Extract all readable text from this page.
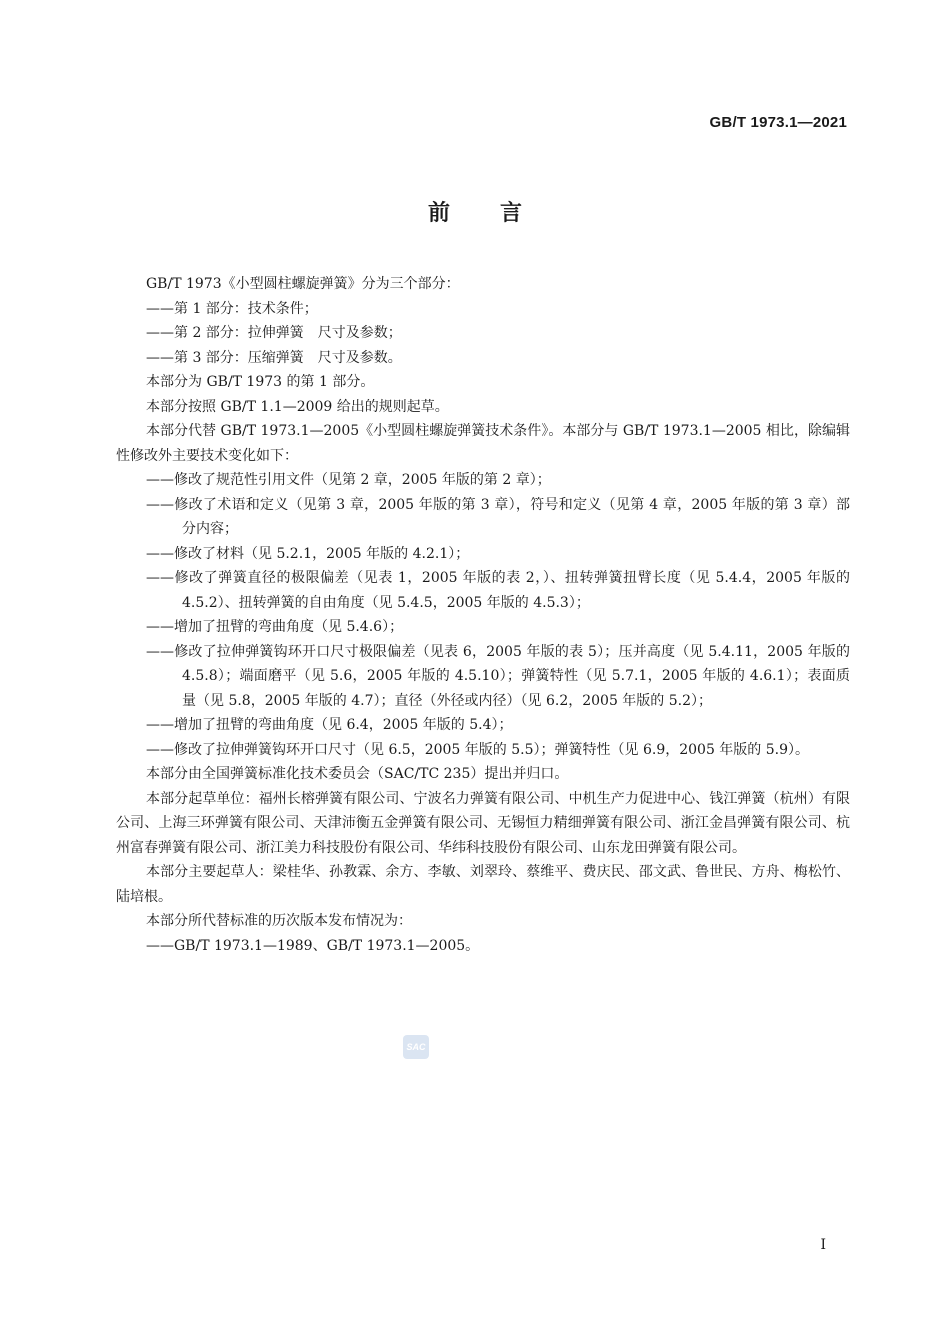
GB/T 1973.1—2021
前言

GB/T 1973《小型圆柱螺旋弹簧》分为三个部分：

——第 1 部分：技术条件；

——第 2 部分：拉伸弹簧　尺寸及参数；

——第 3 部分：压缩弹簧　尺寸及参数。

本部分为 GB/T 1973 的第 1 部分。

本部分按照 GB/T 1.1—2009 给出的规则起草。

本部分代替 GB/T 1973.1—2005《小型圆柱螺旋弹簧技术条件》。本部分与 GB/T 1973.1—2005 相比，除编辑性修改外主要技术变化如下：

——修改了规范性引用文件（见第 2 章，2005 年版的第 2 章）；

——修改了术语和定义（见第 3 章，2005 年版的第 3 章），符号和定义（见第 4 章，2005 年版的第 3 章）部分内容；

——修改了材料（见 5.2.1，2005 年版的 4.2.1）；

——修改了弹簧直径的极限偏差（见表 1，2005 年版的表 2，）、扭转弹簧扭臂长度（见 5.4.4，2005 年版的 4.5.2）、扭转弹簧的自由角度（见 5.4.5，2005 年版的 4.5.3）；

——增加了扭臂的弯曲角度（见 5.4.6）；

——修改了拉伸弹簧钩环开口尺寸极限偏差（见表 6，2005 年版的表 5）；压并高度（见 5.4.11，2005 年版的 4.5.8）；端面磨平（见 5.6，2005 年版的 4.5.10）；弹簧特性（见 5.7.1，2005 年版的 4.6.1）；表面质量（见 5.8，2005 年版的 4.7）；直径（外径或内径）（见 6.2，2005 年版的 5.2）；

——增加了扭臂的弯曲角度（见 6.4，2005 年版的 5.4）；

——修改了拉伸弹簧钩环开口尺寸（见 6.5，2005 年版的 5.5）；弹簧特性（见 6.9，2005 年版的 5.9）。

本部分由全国弹簧标准化技术委员会（SAC/TC 235）提出并归口。

本部分起草单位：福州长榕弹簧有限公司、宁波名力弹簧有限公司、中机生产力促进中心、钱江弹簧（杭州）有限公司、上海三环弹簧有限公司、天津沛衡五金弹簧有限公司、无锡恒力精细弹簧有限公司、浙江金昌弹簧有限公司、杭州富春弹簧有限公司、浙江美力科技股份有限公司、华纬科技股份有限公司、山东龙田弹簧有限公司。

本部分主要起草人：梁桂华、孙教霖、余方、李敏、刘翠玲、蔡维平、费庆民、邵文武、鲁世民、方舟、梅松竹、陆培根。

本部分所代替标准的历次版本发布情况为：

——GB/T 1973.1—1989、GB/T 1973.1—2005。

SAC
I
